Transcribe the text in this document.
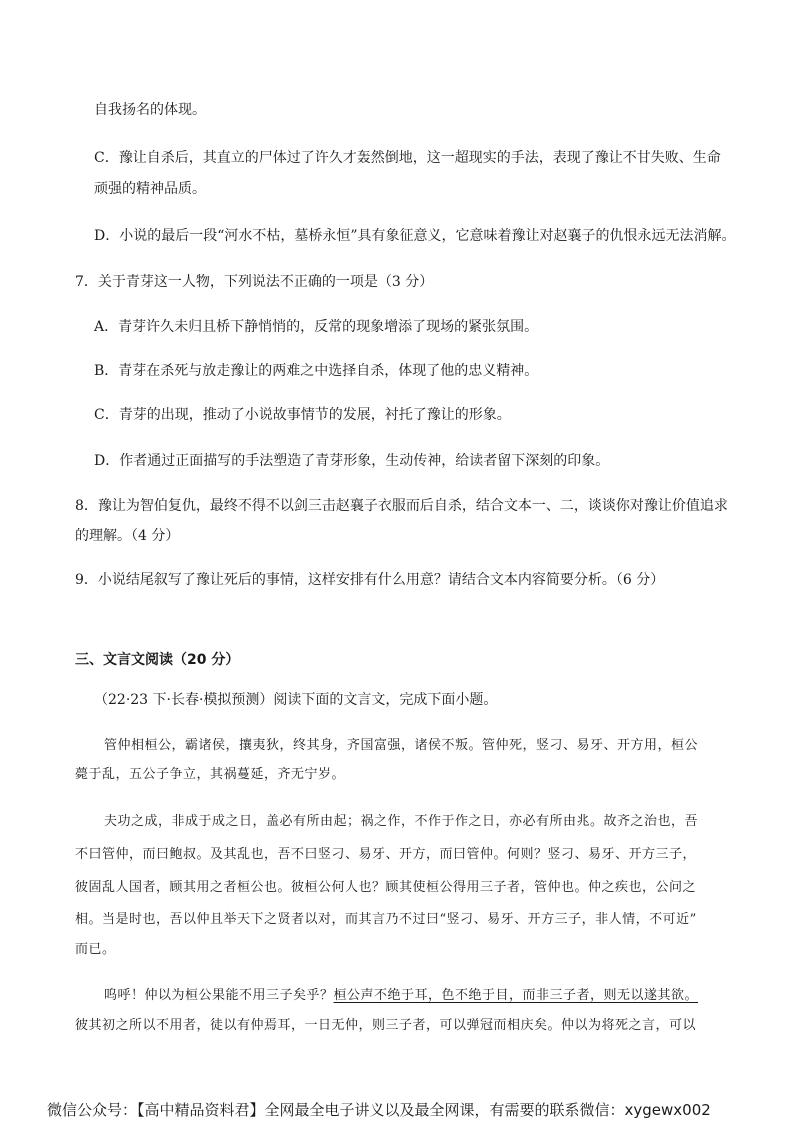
自我扬名的体现。
C．豫让自杀后，其直立的尸体过了许久才轰然倒地，这一超现实的手法，表现了豫让不甘失败、生命
顽强的精神品质。
D．小说的最后一段“河水不枯，墓桥永恒”具有象征意义，它意味着豫让对赵襄子的仇恨永远无法消解。
7．关于青芽这一人物，下列说法不正确的一项是（3 分）
A．青芽许久未归且桥下静悄悄的，反常的现象增添了现场的紧张氛围。
B．青芽在杀死与放走豫让的两难之中选择自杀，体现了他的忠义精神。
C．青芽的出现，推动了小说故事情节的发展，衬托了豫让的形象。
D．作者通过正面描写的手法塑造了青芽形象，生动传神，给读者留下深刻的印象。
8．豫让为智伯复仇，最终不得不以剑三击赵襄子衣服而后自杀，结合文本一、二，谈谈你对豫让价值追求
的理解。（4 分）
9．小说结尾叙写了豫让死后的事情，这样安排有什么用意？请结合文本内容简要分析。（6 分）
三、文言文阅读（20 分）
（22·23 下·长春·模拟预测）阅读下面的文言文，完成下面小题。
管仲相桓公，霸诸侯，攘夷狄，终其身，齐国富强，诸侯不叛。管仲死，竖刁、易牙、开方用，桓公
薨于乱，五公子争立，其祸蔓延，齐无宁岁。
夫功之成，非成于成之日，盖必有所由起；祸之作，不作于作之日，亦必有所由兆。故齐之治也，吾
不曰管仲，而曰鲍叔。及其乱也，吾不曰竖刁、易牙、开方，而曰管仲。何则？竖刁、易牙、开方三子，
彼固乱人国者，顾其用之者桓公也。彼桓公何人也？顾其使桓公得用三子者，管仲也。仲之疾也，公问之
相。当是时也，吾以仲且举天下之贤者以对，而其言乃不过曰“竖刁、易牙、开方三子，非人情，不可近”
而已。
呜呼！仲以为桓公果能不用三子矣乎？桓公声不绝于耳，色不绝于目，而非三子者，则无以遂其欲。
彼其初之所以不用者，徒以有仲焉耳，一日无仲，则三子者，可以弹冠而相庆矣。仲以为将死之言，可以
微信公众号：【高中精品资料君】全网最全电子讲义以及最全网课，有需要的联系微信：xygewx002
